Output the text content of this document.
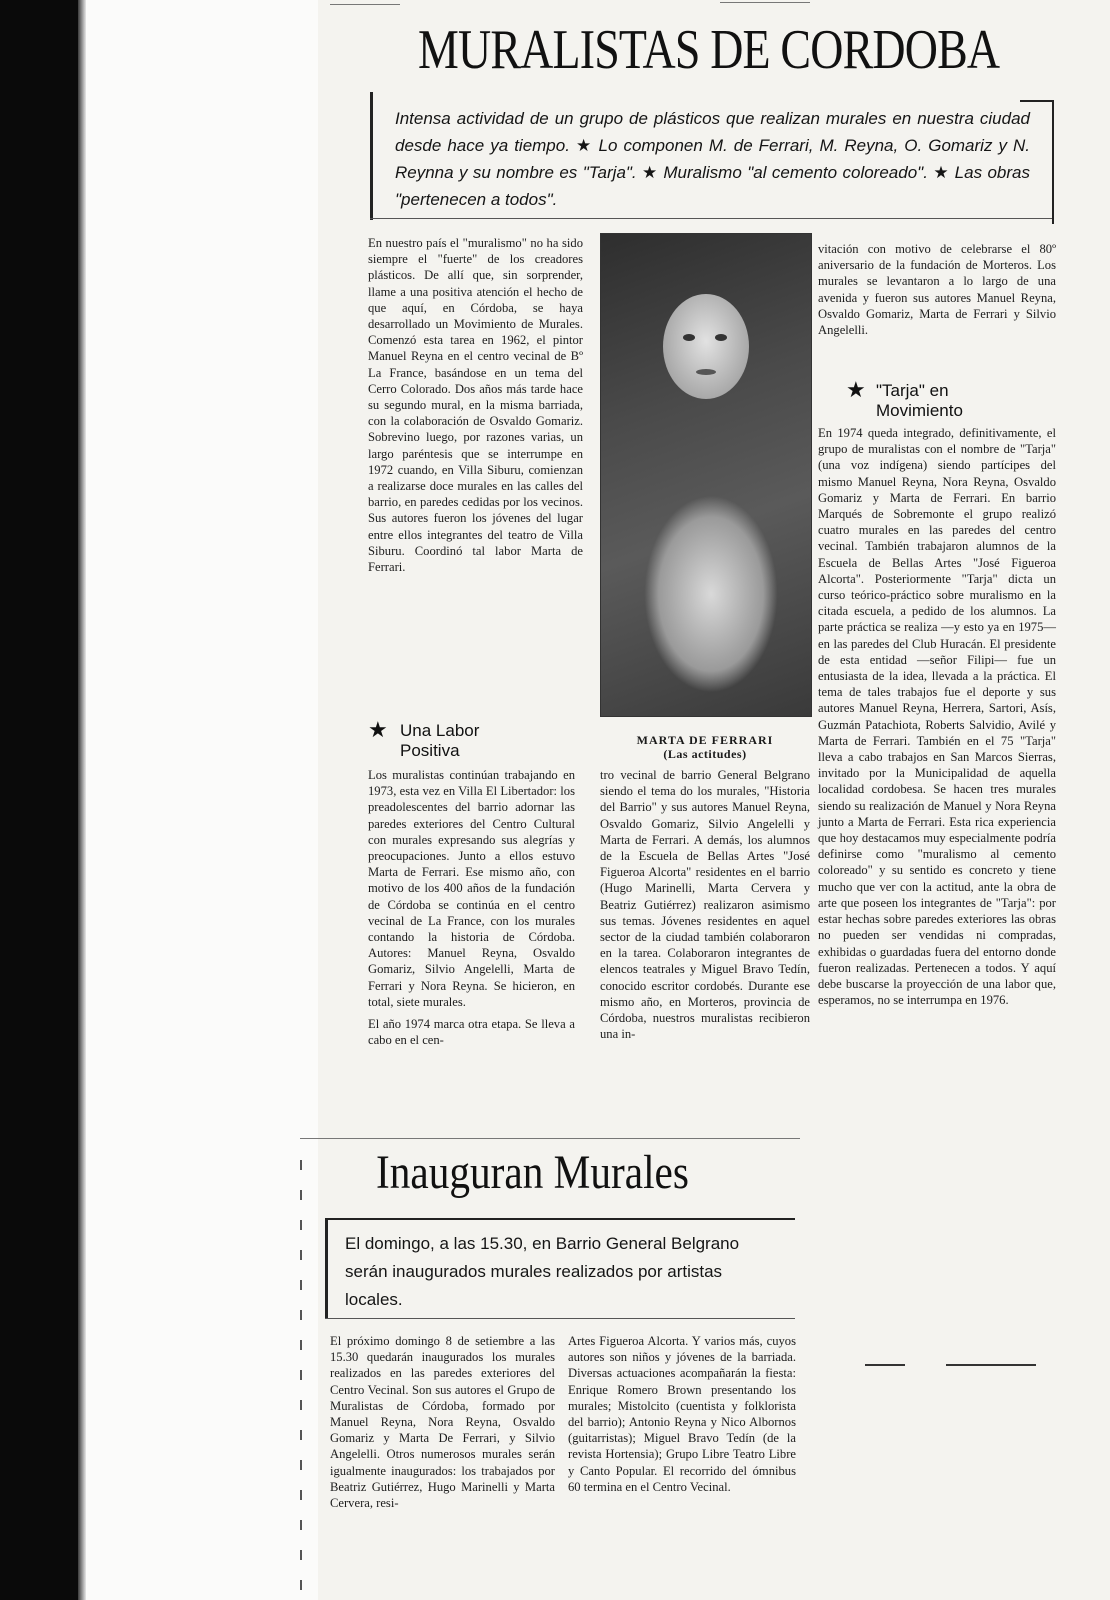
MURALISTAS DE CORDOBA
Intensa actividad de un grupo de plásticos que realizan murales en nuestra ciudad desde hace ya tiempo. ★ Lo componen M. de Ferrari, M. Reyna, O. Gomariz y N. Reynna y su nombre es "Tarja". ★ Muralismo "al cemento coloreado". ★ Las obras "pertenecen a todos".
En nuestro país el "muralismo" no ha sido siempre el "fuerte" de los creadores plásticos. De allí que, sin sorprender, llame a una positiva atención el hecho de que aquí, en Córdoba, se haya desarrollado un Movimiento de Murales. Comenzó esta tarea en 1962, el pintor Manuel Reyna en el centro vecinal de Bº La France, basándose en un tema del Cerro Colorado. Dos años más tarde hace su segundo mural, en la misma barriada, con la colaboración de Osvaldo Gomariz. Sobrevino luego, por razones varias, un largo paréntesis que se interrumpe en 1972 cuando, en Villa Siburu, comienzan a realizarse doce murales en las calles del barrio, en paredes cedidas por los vecinos. Sus autores fueron los jóvenes del lugar entre ellos integrantes del teatro de Villa Siburu. Coordinó tal labor Marta de Ferrari.
★ Una Labor Positiva
Los muralistas continúan trabajando en 1973, esta vez en Villa El Libertador: los preadolescentes del barrio adornar las paredes exteriores del Centro Cultural con murales expresando sus alegrías y preocupaciones. Junto a ellos estuvo Marta de Ferrari. Ese mismo año, con motivo de los 400 años de la fundación de Córdoba se continúa en el centro vecinal de La France, con los murales contando la historia de Córdoba. Autores: Manuel Reyna, Osvaldo Gomariz, Silvio Angelelli, Marta de Ferrari y Nora Reyna. Se hicieron, en total, siete murales.

El año 1974 marca otra etapa. Se lleva a cabo en el cen-
MARTA DE FERRARI
(Las actitudes)
tro vecinal de barrio General Belgrano siendo el tema do los murales, "Historia del Barrio" y sus autores Manuel Reyna, Osvaldo Gomariz, Silvio Angelelli y Marta de Ferrari. A demás, los alumnos de la Escuela de Bellas Artes "José Figueroa Alcorta" residentes en el barrio (Hugo Marinelli, Marta Cervera y Beatriz Gutiérrez) realizaron asimismo sus temas. Jóvenes residentes en aquel sector de la ciudad también colaboraron en la tarea. Colaboraron integrantes de elencos teatrales y Miguel Bravo Tedín, conocido escritor cordobés. Durante ese mismo año, en Morteros, provincia de Córdoba, nuestros muralistas recibieron una in-
vitación con motivo de celebrarse el 80º aniversario de la fundación de Morteros. Los murales se levantaron a lo largo de una avenida y fueron sus autores Manuel Reyna, Osvaldo Gomariz, Marta de Ferrari y Silvio Angelelli.
★ "Tarja" en Movimiento
En 1974 queda integrado, definitivamente, el grupo de muralistas con el nombre de "Tarja" (una voz indígena) siendo partícipes del mismo Manuel Reyna, Nora Reyna, Osvaldo Gomariz y Marta de Ferrari. En barrio Marqués de Sobremonte el grupo realizó cuatro murales en las paredes del centro vecinal. También trabajaron alumnos de la Escuela de Bellas Artes "José Figueroa Alcorta". Posteriormente "Tarja" dicta un curso teórico-práctico sobre muralismo en la citada escuela, a pedido de los alumnos. La parte práctica se realiza —y esto ya en 1975— en las paredes del Club Huracán. El presidente de esta entidad —señor Filipi— fue un entusiasta de la idea, llevada a la práctica. El tema de tales trabajos fue el deporte y sus autores Manuel Reyna, Herrera, Sartori, Asís, Guzmán Patachiota, Roberts Salvidio, Avilé y Marta de Ferrari. También en el 75 "Tarja" lleva a cabo trabajos en San Marcos Sierras, invitado por la Municipalidad de aquella localidad cordobesa. Se hacen tres murales siendo su realización de Manuel y Nora Reyna junto a Marta de Ferrari. Esta rica experiencia que hoy destacamos muy especialmente podría definirse como "muralismo al cemento coloreado" y su sentido es concreto y tiene mucho que ver con la actitud, ante la obra de arte que poseen los integrantes de "Tarja": por estar hechas sobre paredes exteriores las obras no pueden ser vendidas ni compradas, exhibidas o guardadas fuera del entorno donde fueron realizadas. Pertenecen a todos. Y aquí debe buscarse la proyección de una labor que, esperamos, no se interrumpa en 1976.
Inauguran Murales
El domingo, a las 15.30, en Barrio General Belgrano serán inaugurados murales realizados por artistas locales.
El próximo domingo 8 de setiembre a las 15.30 quedarán inaugurados los murales realizados en las paredes exteriores del Centro Vecinal. Son sus autores el Grupo de Muralistas de Córdoba, formado por Manuel Reyna, Nora Reyna, Osvaldo Gomariz y Marta De Ferrari, y Silvio Angelelli. Otros numerosos murales serán igualmente inaugurados: los trabajados por Beatriz Gutiérrez, Hugo Marinelli y Marta Cervera, resi-
Artes Figueroa Alcorta. Y varios más, cuyos autores son niños y jóvenes de la barriada. Diversas actuaciones acompañarán la fiesta: Enrique Romero Brown presentando los murales; Mistolcito (cuentista y folklorista del barrio); Antonio Reyna y Nico Albornos (guitarristas); Miguel Bravo Tedín (de la revista Hortensia); Grupo Libre Teatro Libre y Canto Popular. El recorrido del ómnibus 60 termina en el Centro Vecinal.
